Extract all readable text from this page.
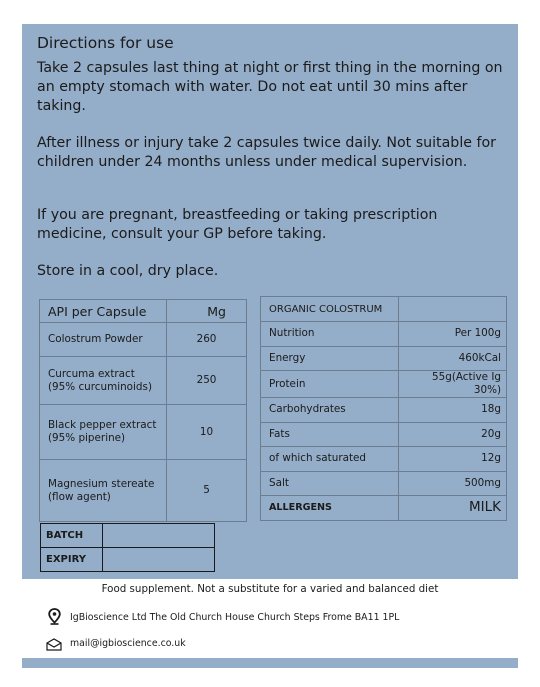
Directions for use
Take 2 capsules last thing at night or first thing in the morning on an empty stomach with water. Do not eat until 30 mins after taking.
After illness or injury take 2 capsules twice daily. Not suitable for children under 24 months unless under medical supervision.
If you are pregnant, breastfeeding or taking prescription medicine, consult your GP before taking.
Store in a cool, dry place.
API per Capsule	Mg
Colostrum Powder	260
Curcuma extract
(95% curcuminoids)	250
Black pepper extract
(95% piperine)	10
Magnesium stereate
(flow agent)	5
ORGANIC COLOSTRUM	
Nutrition	Per 100g
Energy	460kCal
Protein	55g(Active Ig 30%)
Carbohydrates	18g
Fats	20g
of which saturated	12g
Salt	500mg
ALLERGENS	MILK
BATCH	
EXPIRY	
Food supplement. Not a substitute for a varied and balanced diet
IgBioscience Ltd The Old Church House Church Steps Frome BA11 1PL
mail@igbioscience.co.uk
